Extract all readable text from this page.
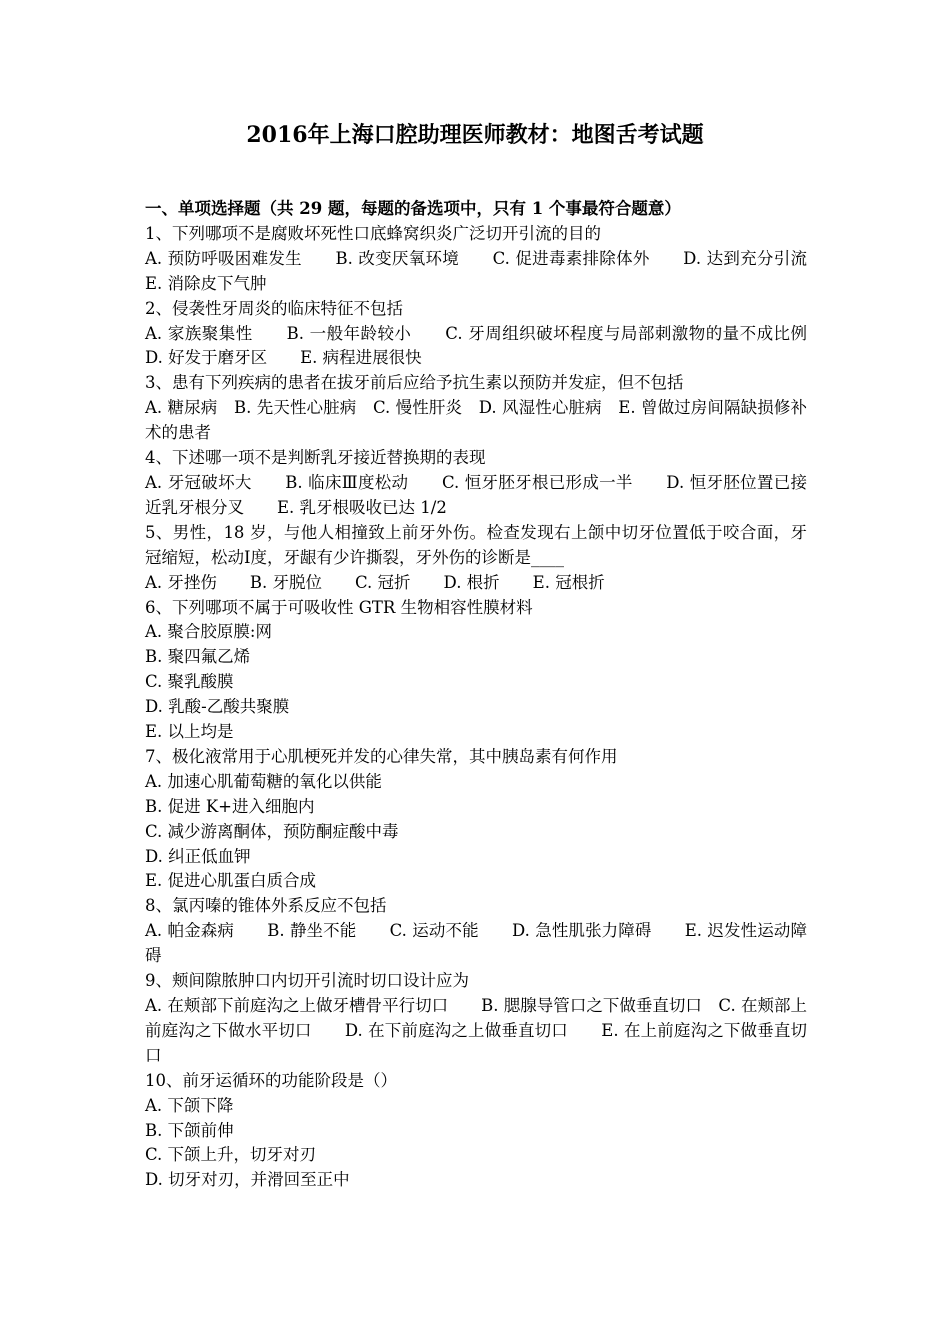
2016年上海口腔助理医师教材：地图舌考试题
一、单项选择题（共 29 题，每题的备选项中，只有 1 个事最符合题意）
1、下列哪项不是腐败坏死性口底蜂窝织炎广泛切开引流的目的
A. 预防呼吸困难发生　　B. 改变厌氧环境　　C. 促进毒素排除体外　　D. 达到充分引流　　E. 消除皮下气肿
2、侵袭性牙周炎的临床特征不包括
A. 家族聚集性　　B. 一般年龄较小　　C. 牙周组织破坏程度与局部刺激物的量不成比例　　D. 好发于磨牙区　　E. 病程进展很快
3、患有下列疾病的患者在拔牙前后应给予抗生素以预防并发症，但不包括
A. 糖尿病　B. 先天性心脏病　C. 慢性肝炎　D. 风湿性心脏病　E. 曾做过房间隔缺损修补术的患者
4、下述哪一项不是判断乳牙接近替换期的表现
A. 牙冠破坏大　　B. 临床Ⅲ度松动　　C. 恒牙胚牙根已形成一半　　D. 恒牙胚位置已接近乳牙根分叉　　E. 乳牙根吸收已达 1/2
5、男性，18 岁，与他人相撞致上前牙外伤。检查发现右上颌中切牙位置低于咬合面，牙冠缩短，松动Ⅰ度，牙龈有少许撕裂，牙外伤的诊断是____
A. 牙挫伤　　B. 牙脱位　　C. 冠折　　D. 根折　　E. 冠根折
6、下列哪项不属于可吸收性 GTR 生物相容性膜材料
A. 聚合胶原膜:网
B. 聚四氟乙烯
C. 聚乳酸膜
D. 乳酸-乙酸共聚膜
E. 以上均是
7、极化液常用于心肌梗死并发的心律失常，其中胰岛素有何作用
A. 加速心肌葡萄糖的氧化以供能
B. 促进 K+进入细胞内
C. 减少游离酮体，预防酮症酸中毒
D. 纠正低血钾
E. 促进心肌蛋白质合成
8、氯丙嗪的锥体外系反应不包括
A. 帕金森病　　B. 静坐不能　　C. 运动不能　　D. 急性肌张力障碍　　E. 迟发性运动障碍
9、颊间隙脓肿口内切开引流时切口设计应为
A. 在颊部下前庭沟之上做牙槽骨平行切口　　B. 腮腺导管口之下做垂直切口　C. 在颊部上前庭沟之下做水平切口　　D. 在下前庭沟之上做垂直切口　　E. 在上前庭沟之下做垂直切口
10、前牙运循环的功能阶段是（）
A. 下颌下降
B. 下颌前伸
C. 下颌上升，切牙对刃
D. 切牙对刃，并滑回至正中
